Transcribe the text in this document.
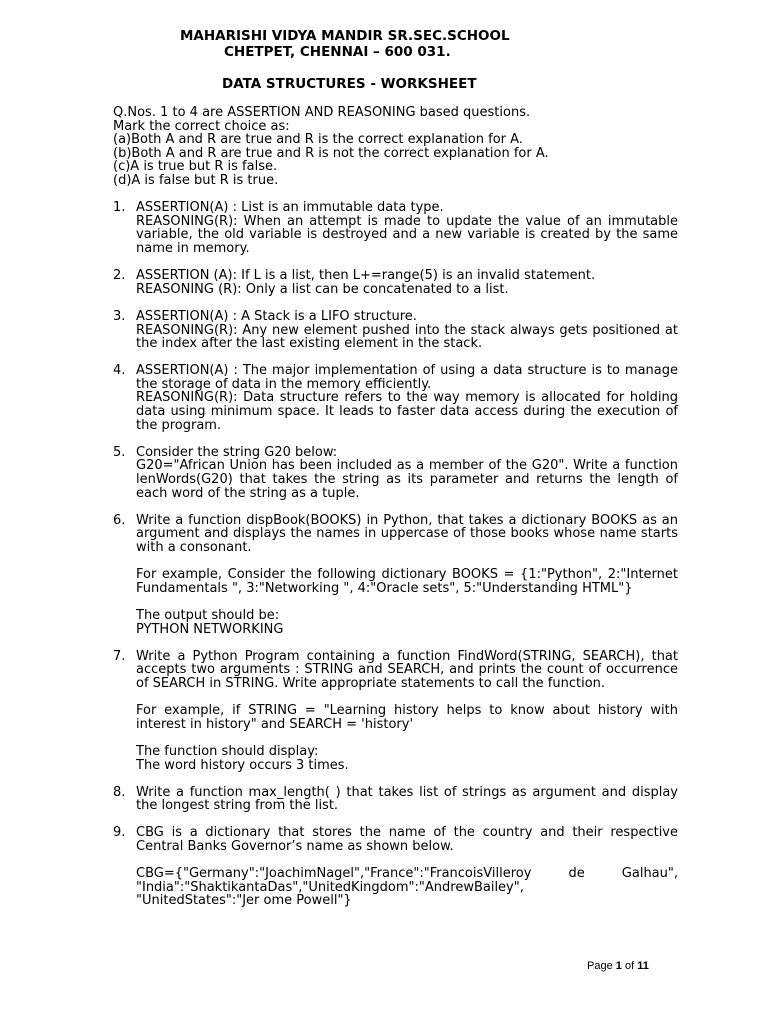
MAHARISHI VIDYA MANDIR SR.SEC.SCHOOL
CHETPET, CHENNAI – 600 031.
DATA STRUCTURES - WORKSHEET
Q.Nos. 1 to 4 are ASSERTION AND REASONING based questions.
Mark the correct choice as:
(a)Both A and R are true and R is the correct explanation for A.
(b)Both A and R are true and R is not the correct explanation for A.
(c)A is true but R is false.
(d)A is false but R is true.
1. ASSERTION(A) : List is an immutable data type.
REASONING(R): When an attempt is made to update the value of an immutable variable, the old variable is destroyed and a new variable is created by the same name in memory.
2. ASSERTION (A): If L is a list, then L+=range(5) is an invalid statement.
REASONING (R): Only a list can be concatenated to a list.
3. ASSERTION(A) : A Stack is a LIFO structure.
REASONING(R): Any new element pushed into the stack always gets positioned at the index after the last existing element in the stack.
4. ASSERTION(A) : The major implementation of using a data structure is to manage the storage of data in the memory efficiently.
REASONING(R): Data structure refers to the way memory is allocated for holding data using minimum space. It leads to faster data access during the execution of the program.
5. Consider the string G20 below:
G20="African Union has been included as a member of the G20". Write a function lenWords(G20) that takes the string as its parameter and returns the length of each word of the string as a tuple.
6. Write a function dispBook(BOOKS) in Python, that takes a dictionary BOOKS as an argument and displays the names in uppercase of those books whose name starts with a consonant.
For example, Consider the following dictionary BOOKS = {1:"Python", 2:"Internet Fundamentals ", 3:"Networking ", 4:"Oracle sets", 5:"Understanding HTML"}
The output should be:
PYTHON NETWORKING
7. Write a Python Program containing a function FindWord(STRING, SEARCH), that accepts two arguments : STRING and SEARCH, and prints the count of occurrence of SEARCH in STRING. Write appropriate statements to call the function.
For example, if STRING = "Learning history helps to know about history with interest in history" and SEARCH = 'history'
The function should display:
The word history occurs 3 times.
8. Write a function max_length( ) that takes list of strings as argument and display the longest string from the list.
9. CBG is a dictionary that stores the name of the country and their respective Central Banks Governor’s name as shown below.
CBG={"Germany":"JoachimNagel","France":"FrancoisVilleroy de Galhau",
"India":"ShaktikantaDas","UnitedKingdom":"AndrewBailey",
"UnitedStates":"Jer ome Powell"}
Page 1 of 11
